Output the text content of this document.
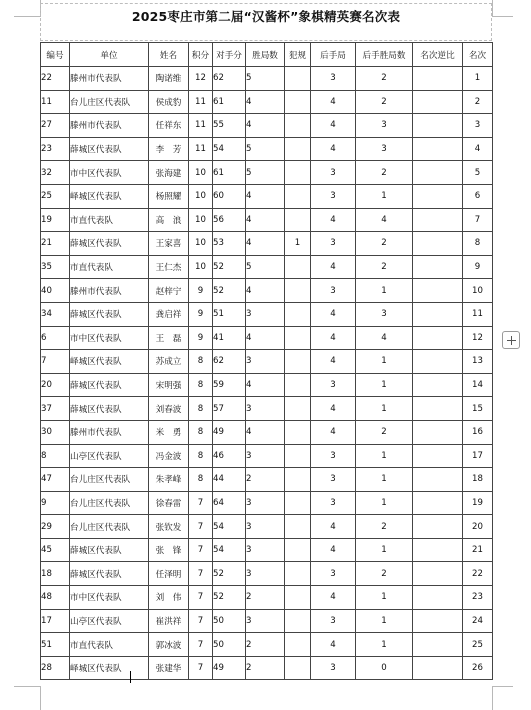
2025枣庄市第二届“汉酱杯”象棋精英赛名次表
编号	单位	姓名	积分	对手分	胜局数	犯规	后手局	后手胜局数	名次逆比	名次
22	滕州市代表队	陶诺维	12	62	5		3	2		1
11	台儿庄区代表队	侯成豹	11	61	4		4	2		2
27	滕州市代表队	任祥东	11	55	4		4	3		3
23	薛城区代表队	李　芳	11	54	5		4	3		4
32	市中区代表队	张海建	10	61	5		3	2		5
25	峄城区代表队	杨照耀	10	60	4		3	1		6
19	市直代表队	高　浪	10	56	4		4	4		7
21	薛城区代表队	王家喜	10	53	4	1	3	2		8
35	市直代表队	王仁杰	10	52	5		4	2		9
40	滕州市代表队	赵梓宁	9	52	4		3	1		10
34	薛城区代表队	龚启祥	9	51	3		4	3		11
6	市中区代表队	王　磊	9	41	4		4	4		12
7	峄城区代表队	苏成立	8	62	3		4	1		13
20	薛城区代表队	宋明强	8	59	4		3	1		14
37	薛城区代表队	刘春波	8	57	3		4	1		15
30	滕州市代表队	米　勇	8	49	4		4	2		16
8	山亭区代表队	冯金波	8	46	3		3	1		17
47	台儿庄区代表队	朱孝峰	8	44	2		3	1		18
9	台儿庄区代表队	徐春雷	7	64	3		3	1		19
29	台儿庄区代表队	张钦发	7	54	3		4	2		20
45	薛城区代表队	张　锋	7	54	3		4	1		21
18	薛城区代表队	任泽明	7	52	3		3	2		22
48	市中区代表队	刘　伟	7	52	2		4	1		23
17	山亭区代表队	崔洪祥	7	50	3		3	1		24
51	市直代表队	郭冰波	7	50	2		4	1		25
28	峄城区代表队	张建华	7	49	2		3	0		26
